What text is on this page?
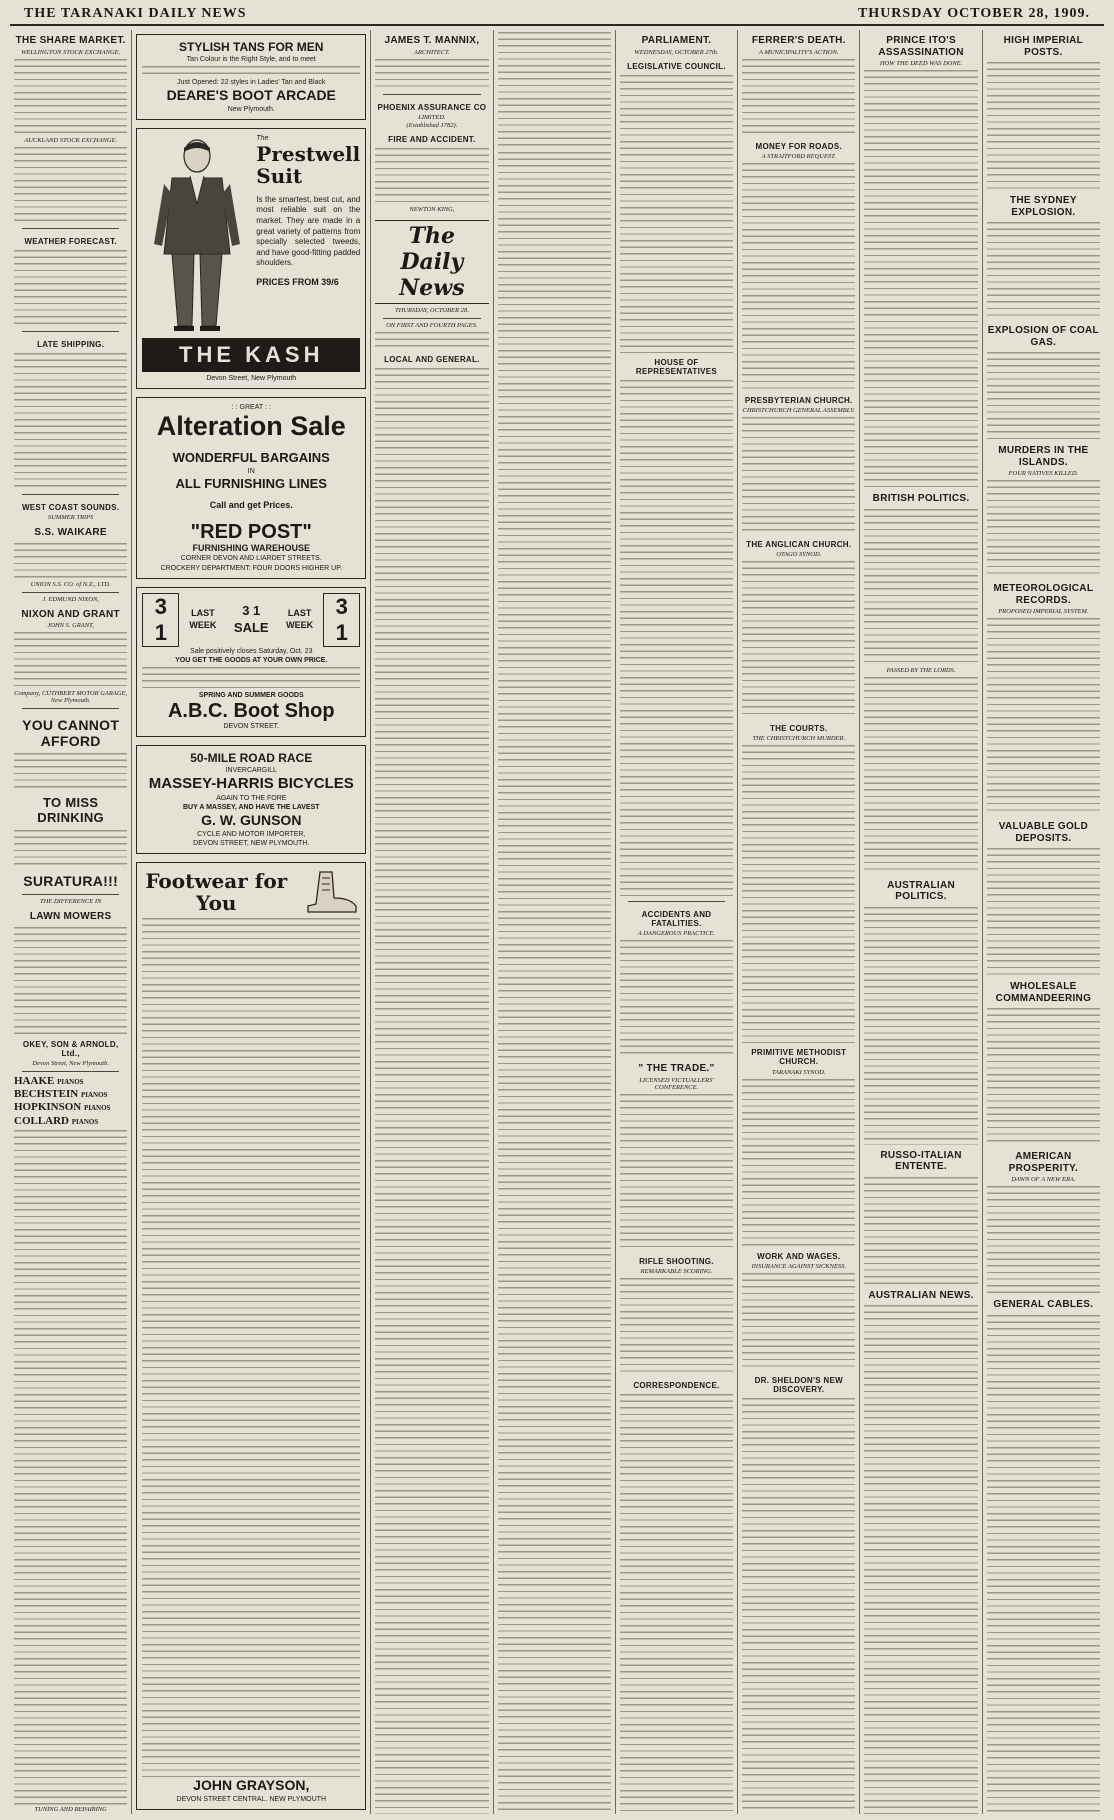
THE TARANAKI DAILY NEWS	THURSDAY OCTOBER 28, 1909.
THE SHARE MARKET.
WELLINGTON STOCK EXCHANGE.
AUCKLAND STOCK EXCHANGE.
WEATHER FORECAST.
LATE SHIPPING.
WEST COAST SOUNDS.
SUMMER TRIPS
S.S. WAIKARE
UNION S.S. CO. of N.Z., LTD.
J. EDMUND NIXON,
NIXON AND GRANT
JOHN S. GRANT,
Company, CUTHBERT MOTOR GARAGE, New Plymouth.
YOU CANNOT AFFORD
TO MISS DRINKING
SURATURA!!!
THE DIFFERENCE IN
LAWN MOWERS
OKEY, SON & ARNOLD, Ltd.,
Devon Street, New Plymouth.
HAAKE PIANOS
BECHSTEIN PIANOS
HOPKINSON PIANOS
COLLARD PIANOS
TUNING AND REPAIRING
STYLISH TANS FOR MEN
Tan Colour is the Right Style, and to meet
Just Opened: 22 styles in Ladies' Tan and Black
DEARE'S BOOT ARCADE
New Plymouth.
The
Prestwell
Suit
Is the smartest, best cut, and most reliable suit on the market. They are made in a great variety of patterns from specially selected tweeds, and have good-fitting padded shoulders.
PRICES FROM 39/6
THE KASH
Devon Street, New Plymouth
: : GREAT : :
Alteration Sale
WONDERFUL BARGAINS
IN
ALL FURNISHING LINES
Call and get Prices.
"RED POST"
FURNISHING WAREHOUSE
CORNER DEVON AND LIARDET STREETS.
CROCKERY DEPARTMENT: FOUR DOORS HIGHER UP.
3 1
LAST WEEK
3 1 SALE
LAST WEEK
3 1
Sale positively closes Saturday, Oct. 23
YOU GET THE GOODS AT YOUR OWN PRICE.
SPRING AND SUMMER GOODS
A.B.C. Boot Shop
DEVON STREET.
50-MILE ROAD RACE
INVERCARGILL
MASSEY-HARRIS BICYCLES
AGAIN TO THE FORE
BUY A MASSEY, AND HAVE THE LAVEST
G. W. GUNSON
CYCLE AND MOTOR IMPORTER,
DEVON STREET, NEW PLYMOUTH.
Footwear for You
JOHN GRAYSON,
DEVON STREET CENTRAL. NEW PLYMOUTH
JAMES T. MANNIX,
ARCHITECT.
PHOENIX ASSURANCE CO
LIMITED.
(Established 1782).
FIRE AND ACCIDENT.
NEWTON KING,
The Daily News
THURSDAY, OCTOBER 28.
ON FIRST AND FOURTH PAGES.
LOCAL AND GENERAL.
PARLIAMENT.
WEDNESDAY, OCTOBER 27th.
LEGISLATIVE COUNCIL.
HOUSE OF REPRESENTATIVES
ACCIDENTS AND FATALITIES.
A DANGEROUS PRACTICE.
" THE TRADE."
LICENSED VICTUALLERS' CONFERENCE.
RIFLE SHOOTING.
REMARKABLE SCORING.
CORRESPONDENCE.
FERRER'S DEATH.
A MUNICIPALITY'S ACTION.
MONEY FOR ROADS.
A STRAITFORD REQUEST.
PRESBYTERIAN CHURCH.
CHRISTCHURCH GENERAL ASSEMBLY.
THE ANGLICAN CHURCH.
OTAGO SYNOD.
THE COURTS.
THE CHRISTCHURCH MURDER.
PRIMITIVE METHODIST CHURCH.
TARANAKI SYNOD.
WORK AND WAGES.
INSURANCE AGAINST SICKNESS.
DR. SHELDON'S NEW DISCOVERY.
PRINCE ITO'S ASSASSINATION
HOW THE DEED WAS DONE.
BRITISH POLITICS.
PASSED BY THE LORDS.
AUSTRALIAN POLITICS.
RUSSO-ITALIAN ENTENTE.
AUSTRALIAN NEWS.
HIGH IMPERIAL POSTS.
THE SYDNEY EXPLOSION.
EXPLOSION OF COAL GAS.
MURDERS IN THE ISLANDS.
FOUR NATIVES KILLED.
METEOROLOGICAL RECORDS.
PROPOSED IMPERIAL SYSTEM.
VALUABLE GOLD DEPOSITS.
WHOLESALE COMMANDEERING
AMERICAN PROSPERITY.
DAWN OF A NEW ERA.
GENERAL CABLES.
